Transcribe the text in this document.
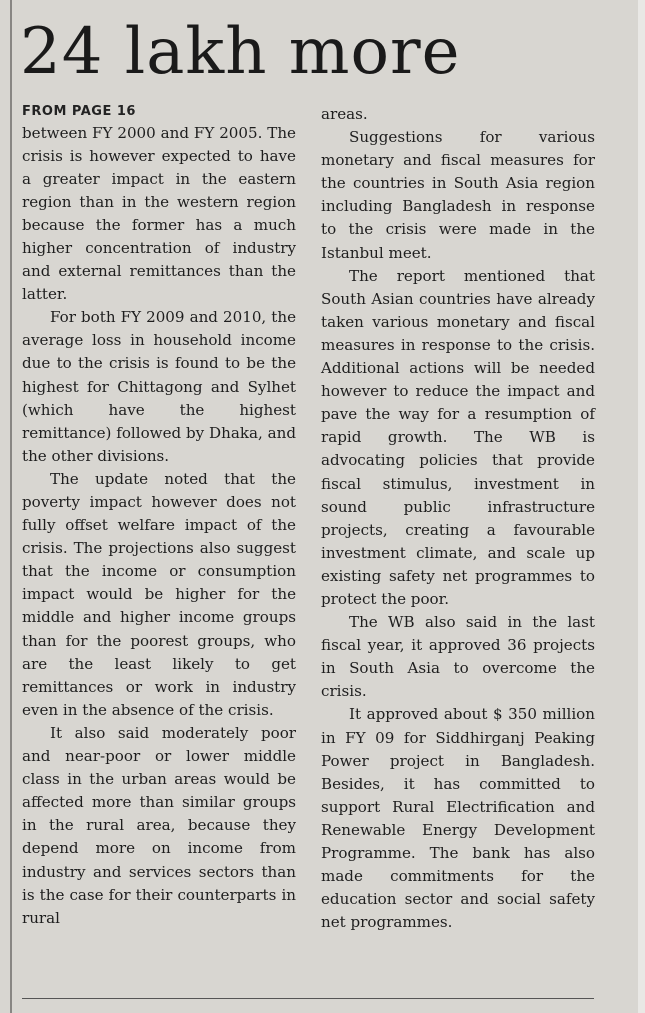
24 lakh more
FROM PAGE 16

between FY 2000 and FY 2005. The crisis is however expected to have a greater impact in the eastern region than in the western region because the former has a much higher concentration of industry and external remittances than the latter.

For both FY 2009 and 2010, the average loss in household income due to the crisis is found to be the highest for Chittagong and Sylhet (which have the highest remittance) followed by Dhaka, and the other divisions.

The update noted that the poverty impact however does not fully offset welfare impact of the crisis. The projections also suggest that the income or consumption impact would be higher for the middle and higher income groups than for the poorest groups, who are the least likely to get remittances or work in industry even in the absence of the crisis.

It also said moderately poor and near-poor or lower middle class in the urban areas would be affected more than similar groups in the rural area, because they depend more on income from industry and services sectors than is the case for their counterparts in rural

areas.

Suggestions for various monetary and fiscal measures for the countries in South Asia region including Bangladesh in response to the crisis were made in the Istanbul meet.

The report mentioned that South Asian countries have already taken various monetary and fiscal measures in response to the crisis. Additional actions will be needed however to reduce the impact and pave the way for a resumption of rapid growth. The WB is advocating policies that provide fiscal stimulus, investment in sound public infrastructure projects, creating a favourable investment climate, and scale up existing safety net programmes to protect the poor.

The WB also said in the last fiscal year, it approved 36 projects in South Asia to overcome the crisis.

It approved about $ 350 million in FY 09 for Siddhirganj Peaking Power project in Bangladesh. Besides, it has committed to support Rural Electrification and Renewable Energy Development Programme. The bank has also made commitments for the education sector and social safety net programmes.
